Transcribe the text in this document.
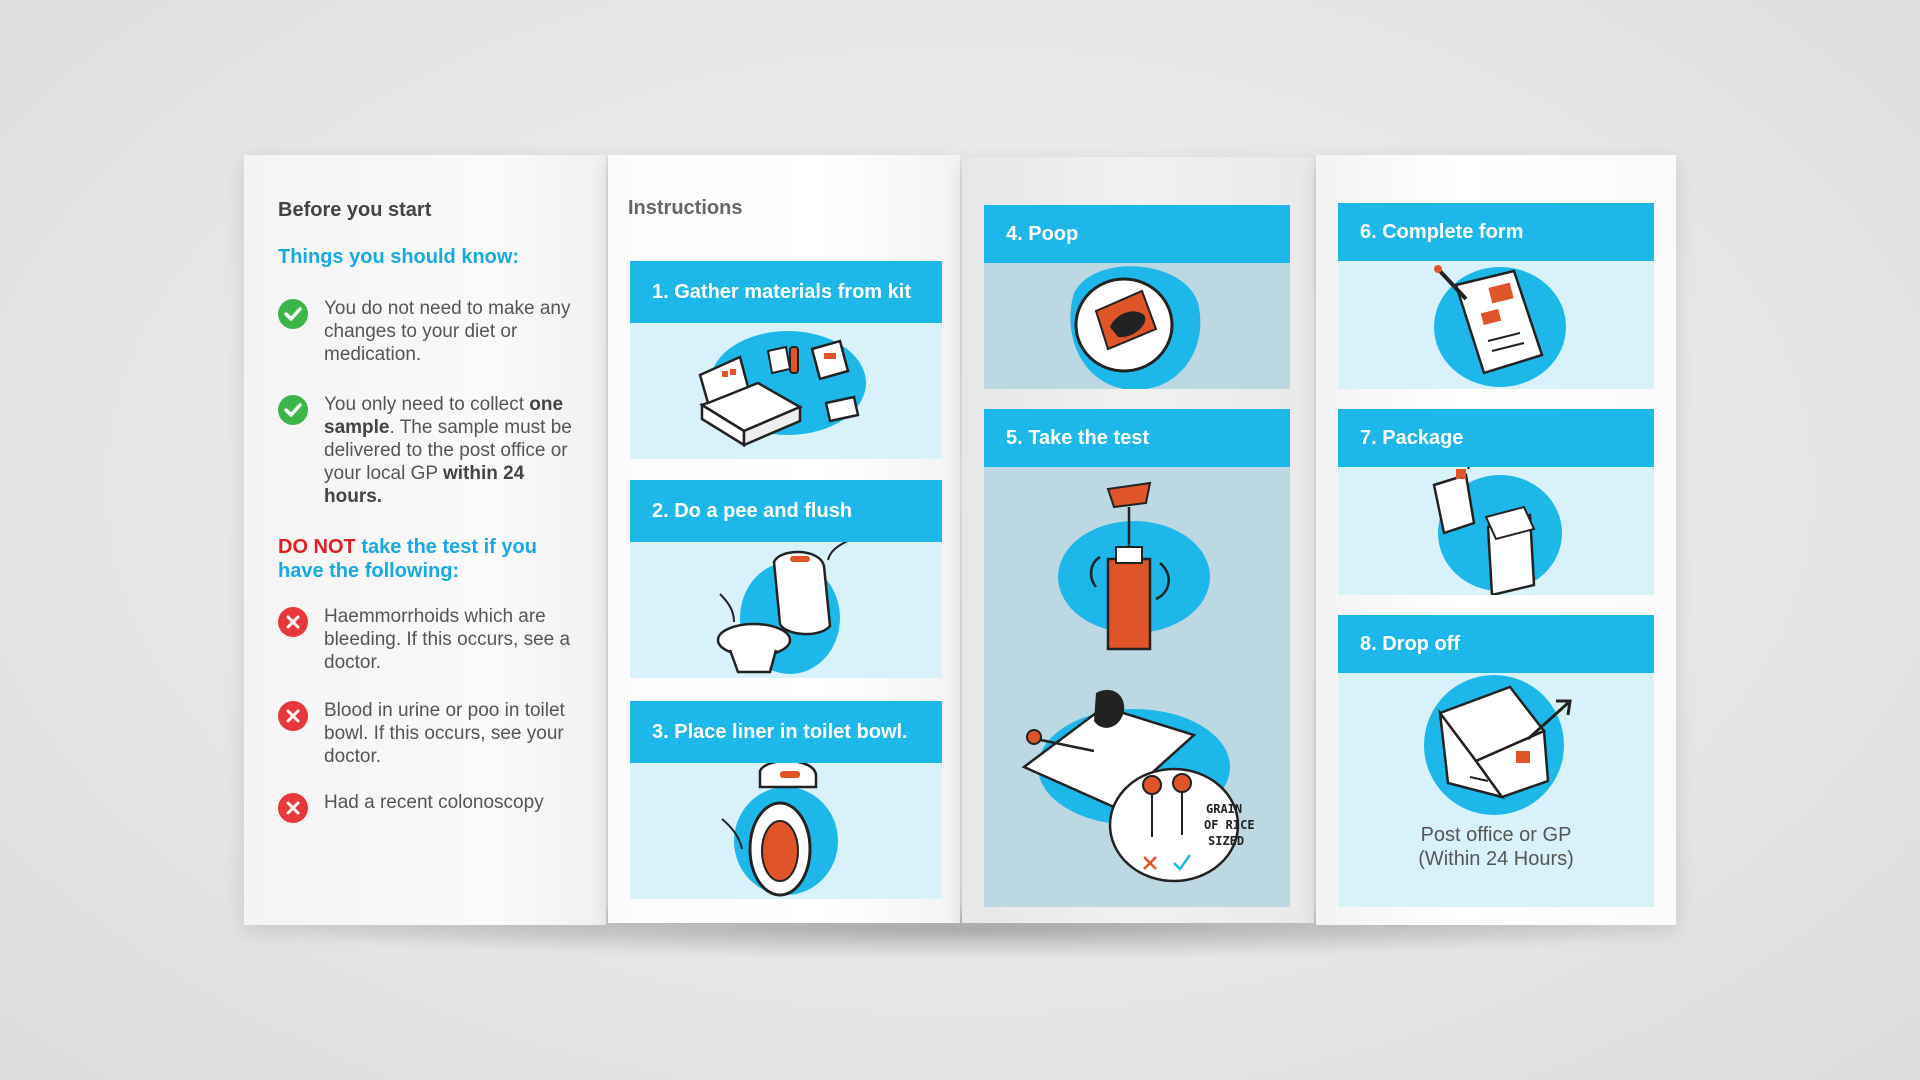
Before you start
Things you should know:
You do not need to make any changes to your diet or medication.
You only need to collect one sample. The sample must be delivered to the post office or your local GP within 24 hours.
DO NOT take the test if you have the following:
Haemmorrhoids which are bleeding. If this occurs, see a doctor.
Blood in urine or poo in toilet bowl. If this occurs, see your doctor.
Had a recent colonoscopy
Instructions
1. Gather materials from kit
2. Do a pee and flush
3. Place liner in toilet bowl.
4. Poop
5. Take the test
GRAIN
OF RICE
SIZED
6. Complete form
7. Package
8. Drop off
Post office or GP
(Within 24 Hours)
